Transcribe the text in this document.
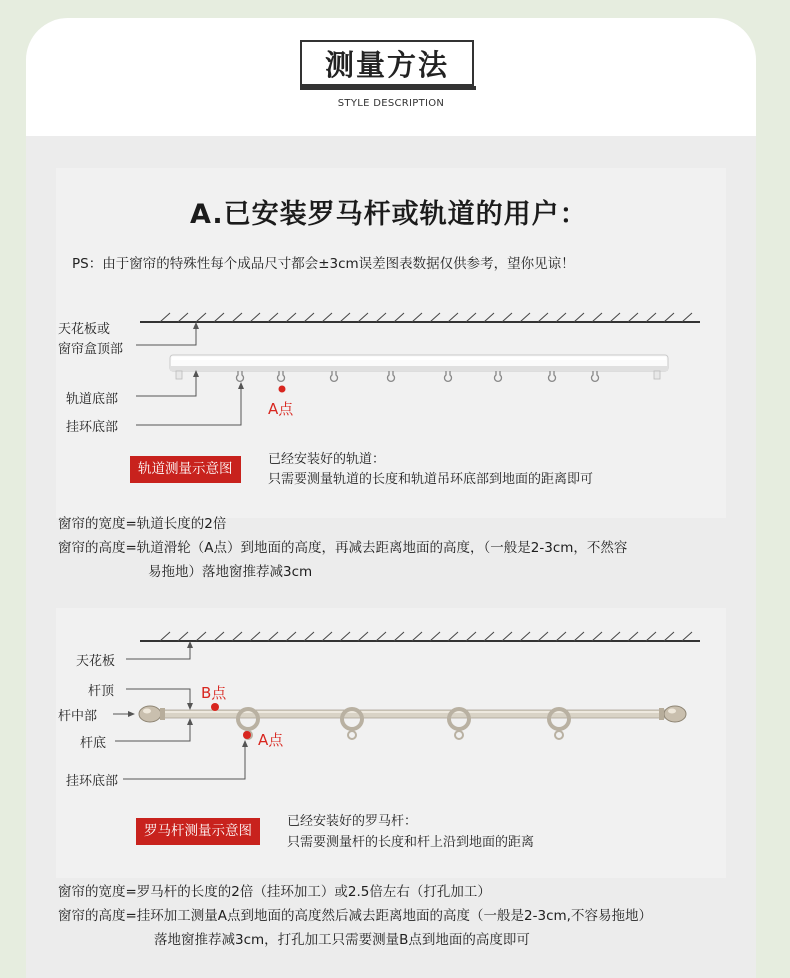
测量方法
STYLE DESCRIPTION
A.已安装罗马杆或轨道的用户：
PS：由于窗帘的特殊性每个成品尺寸都会±3cm误差图表数据仅供参考，望你见谅！
天花板或
窗帘盒顶部
轨道底部
挂环底部
A点
轨道测量示意图
已经安装好的轨道：
只需要测量轨道的长度和轨道吊环底部到地面的距离即可
窗帘的宽度=轨道长度的2倍
窗帘的高度=轨道滑轮（A点）到地面的高度，再减去距离地面的高度，（一般是2-3cm，不然容
易拖地）落地窗推荐减3cm
天花板
杆顶
杆中部
杆底
挂环底部
B点
A点
罗马杆测量示意图
已经安装好的罗马杆：
只需要测量杆的长度和杆上沿到地面的距离
窗帘的宽度=罗马杆的长度的2倍（挂环加工）或2.5倍左右（打孔加工）
窗帘的高度=挂环加工测量A点到地面的高度然后减去距离地面的高度（一般是2-3cm,不容易拖地）
落地窗推荐减3cm，打孔加工只需要测量B点到地面的高度即可
